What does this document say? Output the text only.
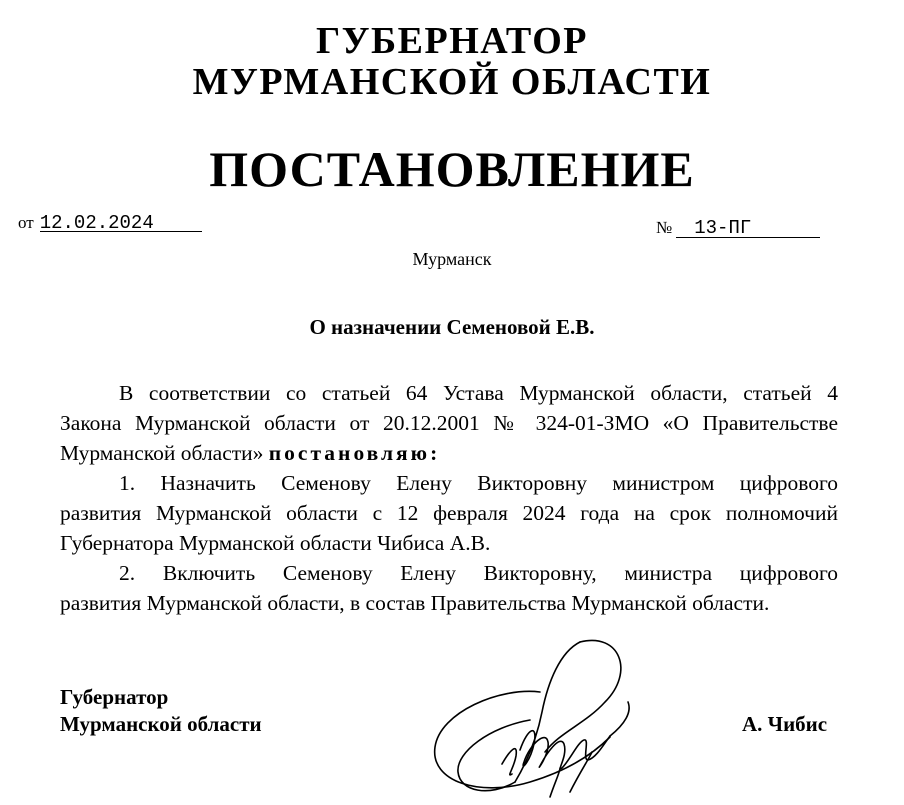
ГУБЕРНАТОР
МУРМАНСКОЙ ОБЛАСТИ
ПОСТАНОВЛЕНИЕ
от 12.02.2024	№ 13-ПГ
Мурманск
О назначении Семеновой Е.В.
В соответствии со статьей 64 Устава Мурманской области, статьей 4
Закона Мурманской области от 20.12.2001 № 324-01-ЗМО «О Правительстве
Мурманской области» постановляю:
1. Назначить Семенову Елену Викторовну министром цифрового
развития Мурманской области с 12 февраля 2024 года на срок полномочий
Губернатора Мурманской области Чибиса А.В.
2. Включить Семенову Елену Викторовну, министра цифрового
развития Мурманской области, в состав Правительства Мурманской области.
Губернатор
Мурманской области	А. Чибис
